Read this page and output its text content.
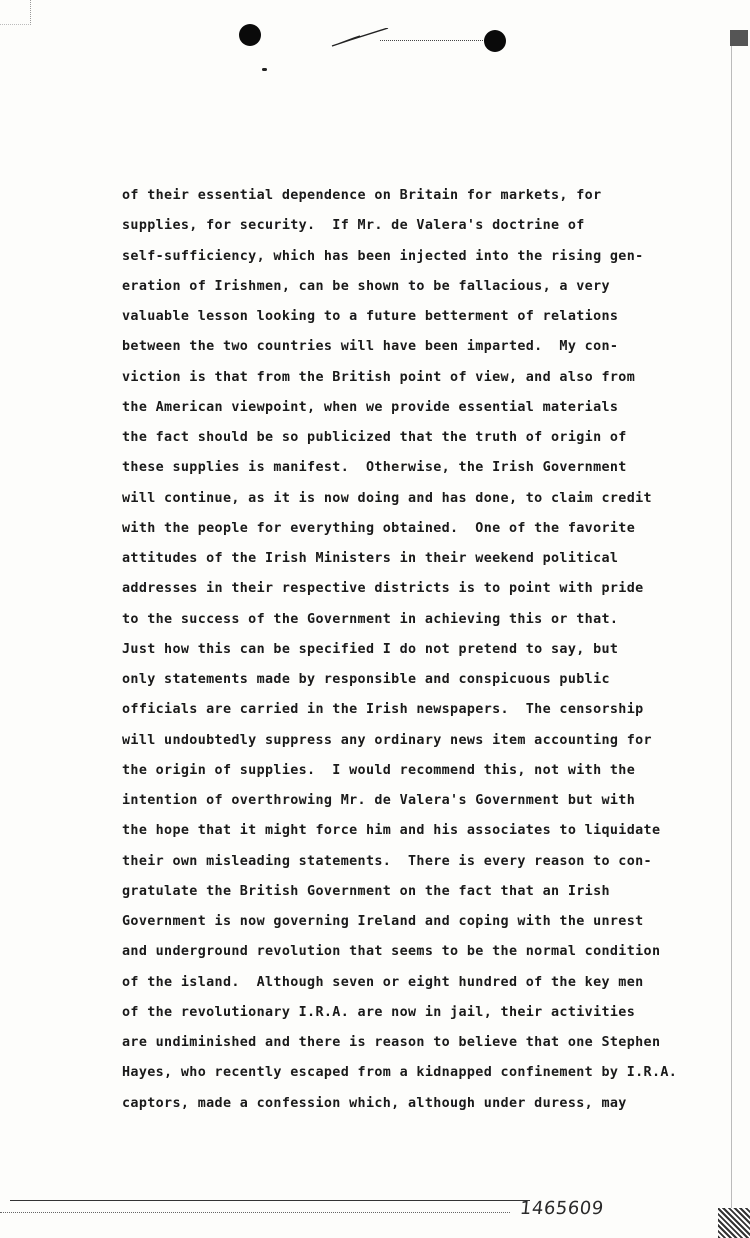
of their essential dependence on Britain for markets, for
supplies, for security.  If Mr. de Valera's doctrine of
self-sufficiency, which has been injected into the rising gen-
eration of Irishmen, can be shown to be fallacious, a very
valuable lesson looking to a future betterment of relations
between the two countries will have been imparted.  My con-
viction is that from the British point of view, and also from
the American viewpoint, when we provide essential materials
the fact should be so publicized that the truth of origin of
these supplies is manifest.  Otherwise, the Irish Government
will continue, as it is now doing and has done, to claim credit
with the people for everything obtained.  One of the favorite
attitudes of the Irish Ministers in their weekend political
addresses in their respective districts is to point with pride
to the success of the Government in achieving this or that.
Just how this can be specified I do not pretend to say, but
only statements made by responsible and conspicuous public
officials are carried in the Irish newspapers.  The censorship
will undoubtedly suppress any ordinary news item accounting for
the origin of supplies.  I would recommend this, not with the
intention of overthrowing Mr. de Valera's Government but with
the hope that it might force him and his associates to liquidate
their own misleading statements.  There is every reason to con-
gratulate the British Government on the fact that an Irish
Government is now governing Ireland and coping with the unrest
and underground revolution that seems to be the normal condition
of the island.  Although seven or eight hundred of the key men
of the revolutionary I.R.A. are now in jail, their activities
are undiminished and there is reason to believe that one Stephen
Hayes, who recently escaped from a kidnapped confinement by I.R.A.
captors, made a confession which, although under duress, may
1465609
